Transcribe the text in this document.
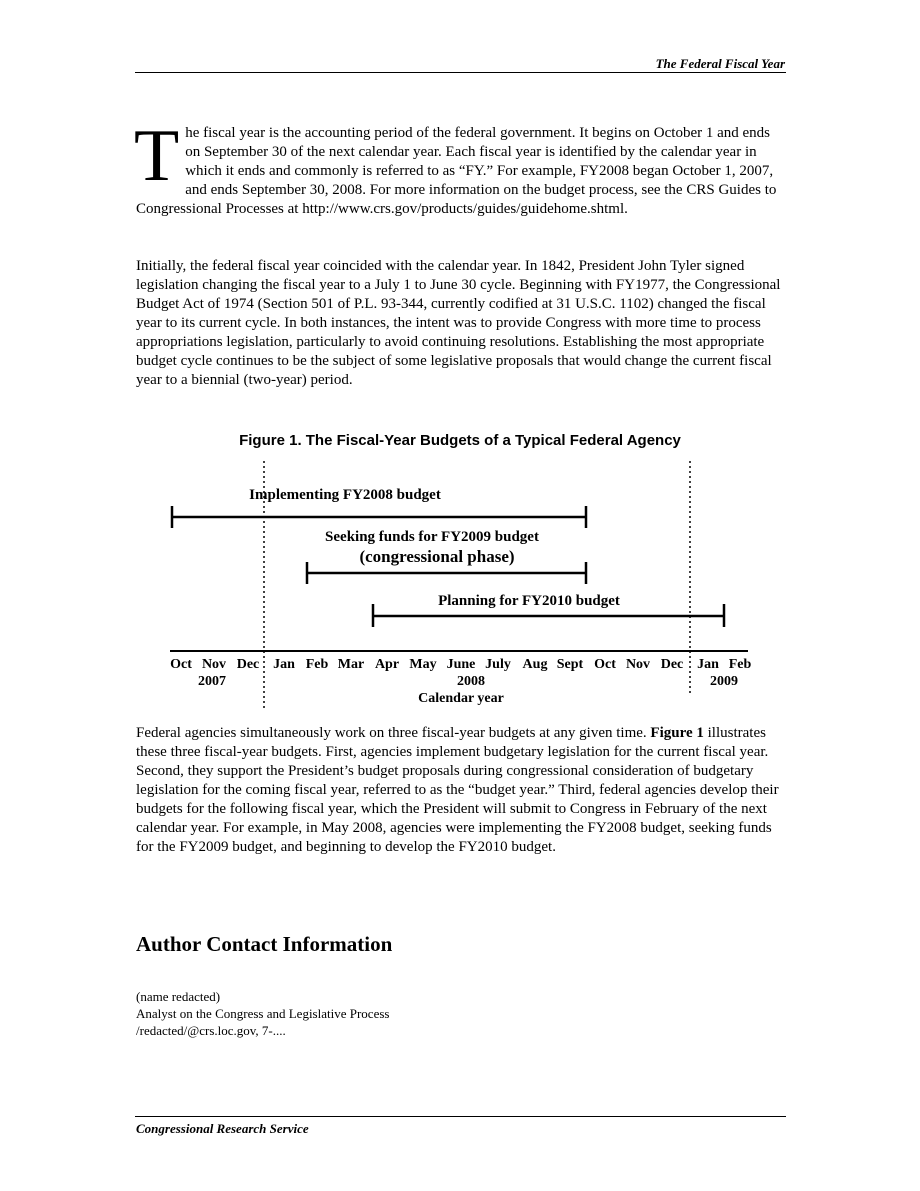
The Federal Fiscal Year
The fiscal year is the accounting period of the federal government. It begins on October 1 and ends on September 30 of the next calendar year. Each fiscal year is identified by the calendar year in which it ends and commonly is referred to as “FY.” For example, FY2008 began October 1, 2007, and ends September 30, 2008. For more information on the budget process, see the CRS Guides to Congressional Processes at http://www.crs.gov/products/guides/guidehome.shtml.
Initially, the federal fiscal year coincided with the calendar year. In 1842, President John Tyler signed legislation changing the fiscal year to a July 1 to June 30 cycle. Beginning with FY1977, the Congressional Budget Act of 1974 (Section 501 of P.L. 93-344, currently codified at 31 U.S.C. 1102) changed the fiscal year to its current cycle. In both instances, the intent was to provide Congress with more time to process appropriations legislation, particularly to avoid continuing resolutions. Establishing the most appropriate budget cycle continues to be the subject of some legislative proposals that would change the current fiscal year to a biennial (two-year) period.
Figure 1. The Fiscal-Year Budgets of a Typical Federal Agency
Implementing FY2008 budget
Seeking funds for FY2009 budget
(congressional phase)
Planning for FY2010 budget
Oct Nov Dec Jan Feb Mar Apr May June July Aug Sept Oct Nov Dec Jan Feb
2007	2008	2009
Calendar year
Federal agencies simultaneously work on three fiscal-year budgets at any given time. Figure 1 illustrates these three fiscal-year budgets. First, agencies implement budgetary legislation for the current fiscal year. Second, they support the President’s budget proposals during congressional consideration of budgetary legislation for the coming fiscal year, referred to as the “budget year.” Third, federal agencies develop their budgets for the following fiscal year, which the President will submit to Congress in February of the next calendar year. For example, in May 2008, agencies were implementing the FY2008 budget, seeking funds for the FY2009 budget, and beginning to develop the FY2010 budget.
Author Contact Information
(name redacted)
Analyst on the Congress and Legislative Process
/redacted/@crs.loc.gov, 7-....
Congressional Research Service
